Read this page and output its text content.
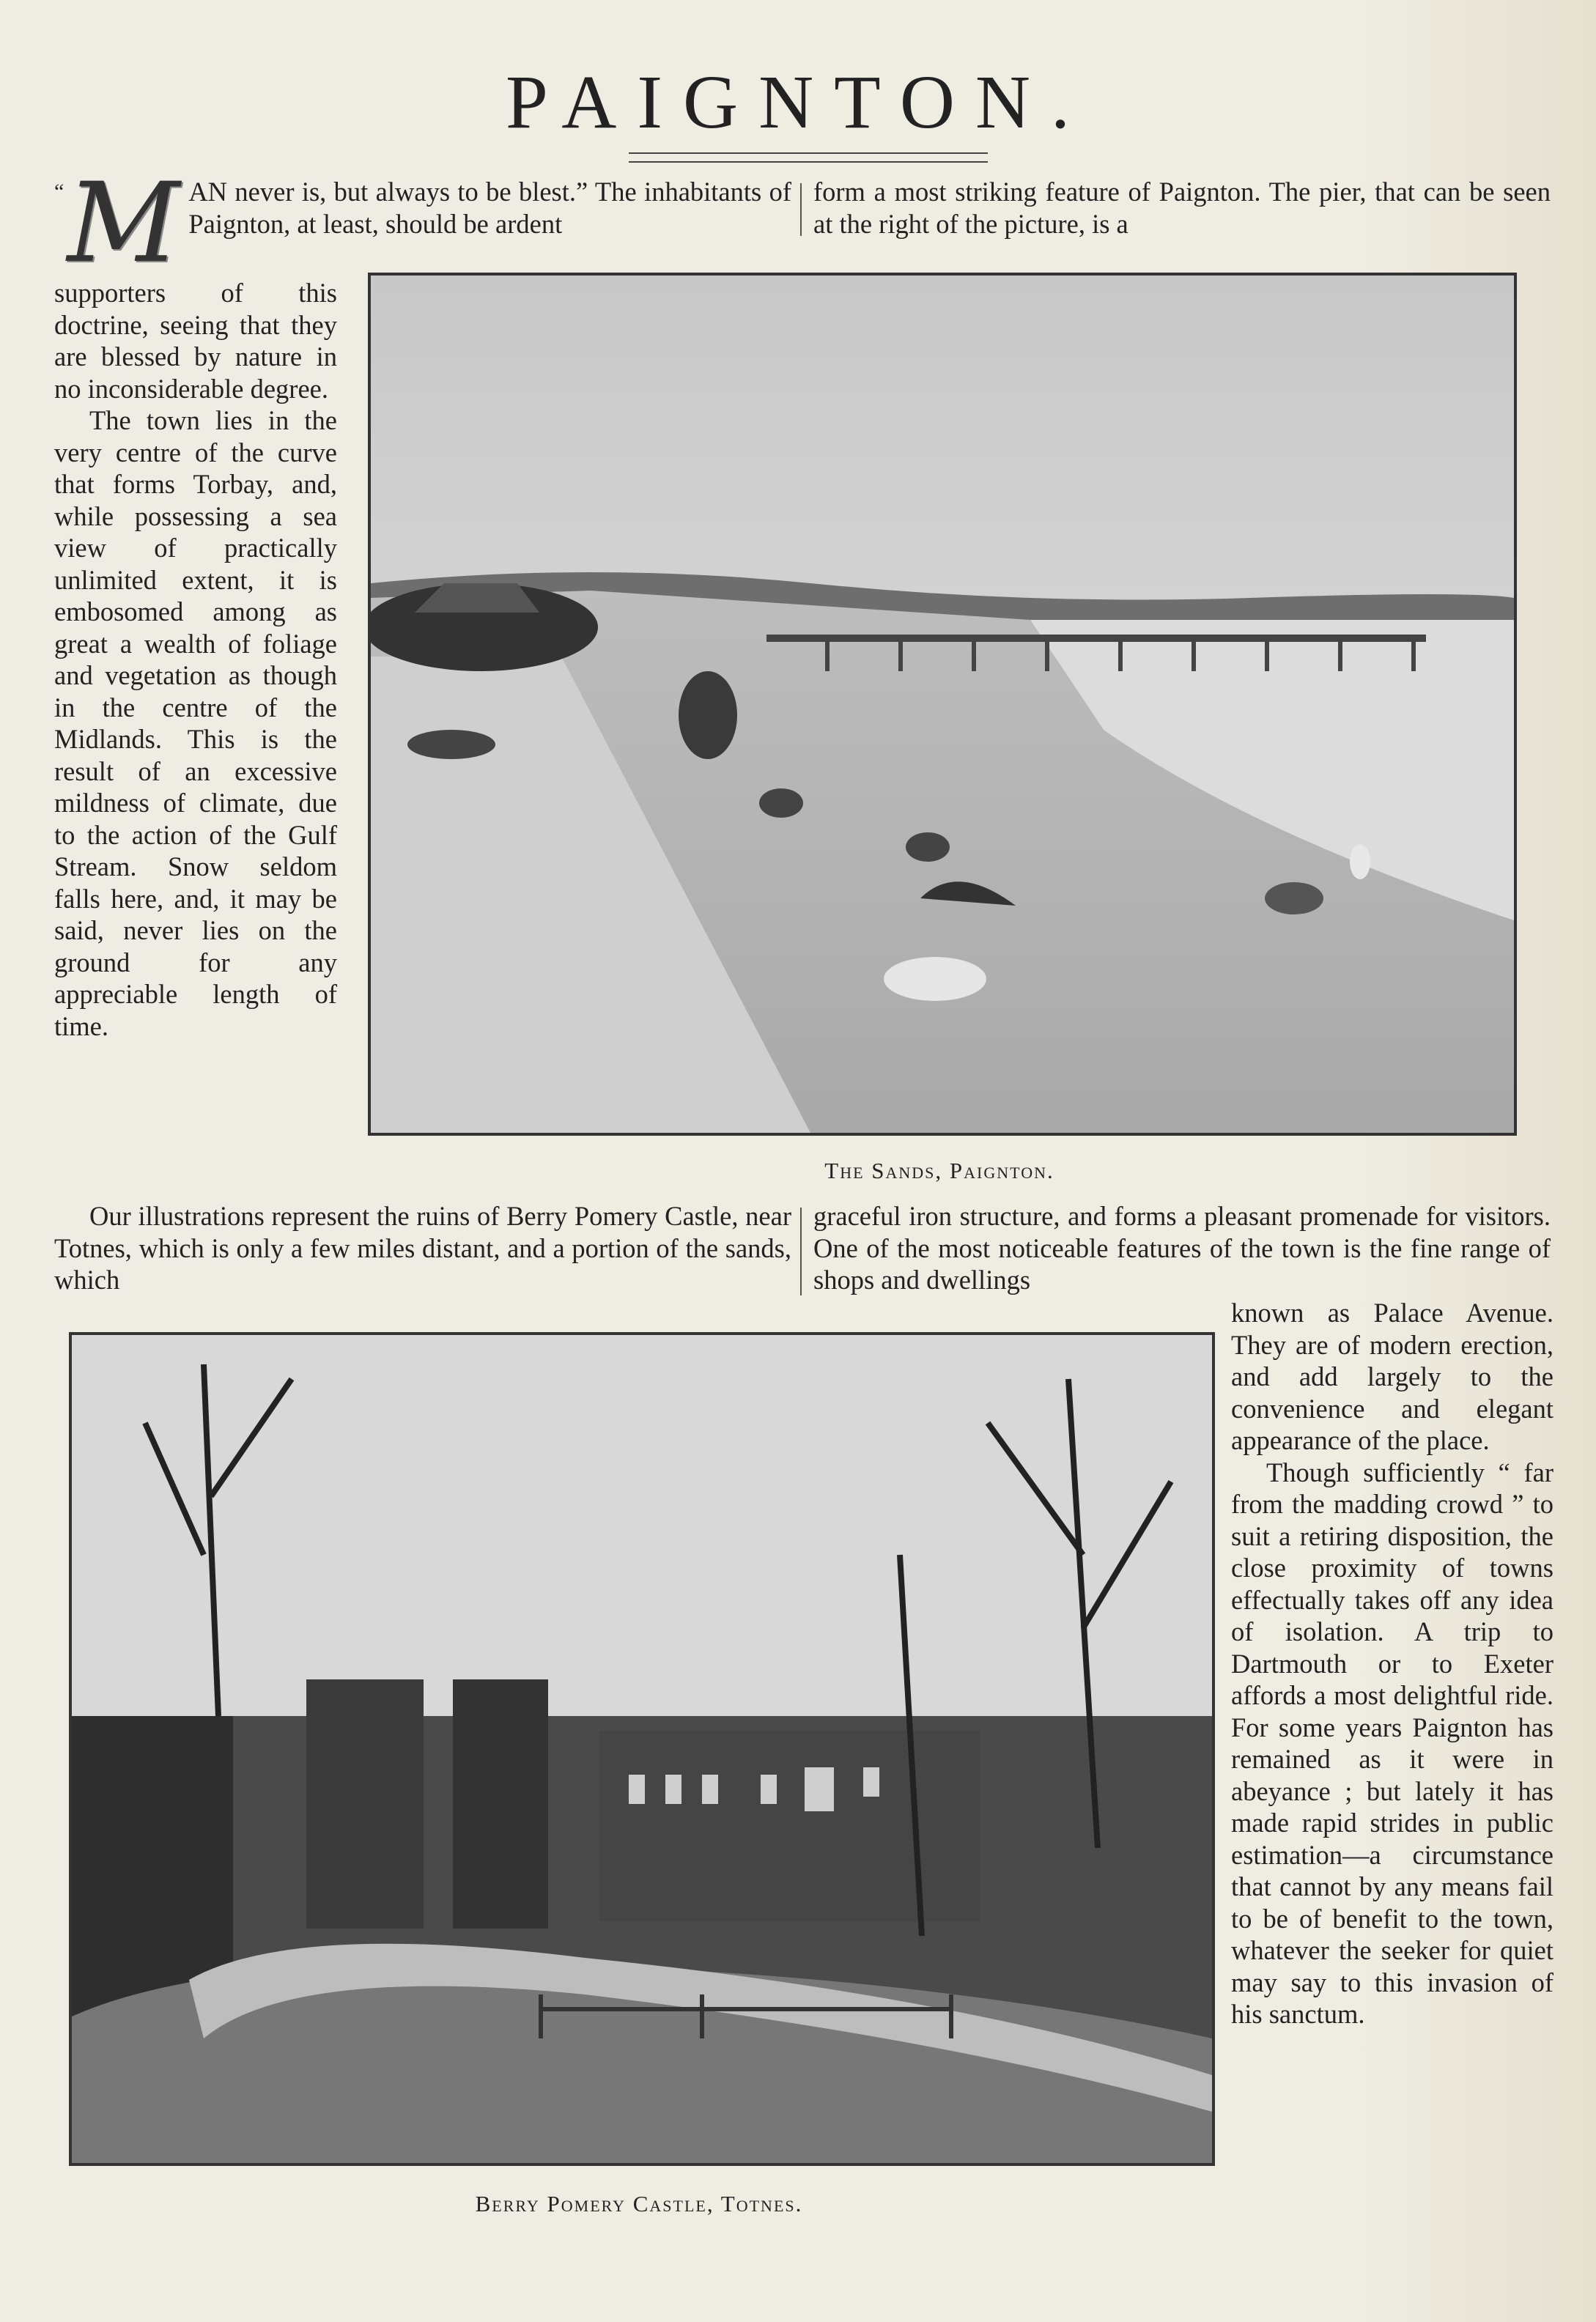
PAIGNTON.
“ M AN never is, but always to be blest.” The inhabitants of Paignton, at least, should be ardent

form a most striking feature of Paignton. The pier, that can be seen at the right of the picture, is a

supporters of this doctrine, seeing that they are blessed by nature in no inconsiderable degree.

The town lies in the very centre of the curve that forms Torbay, and, while possessing a sea view of practically unlimited extent, it is embosomed among as great a wealth of foliage and vegetation as though in the centre of the Midlands. This is the result of an excessive mildness of climate, due to the action of the Gulf Stream. Snow seldom falls here, and, it may be said, never lies on the ground for any appreciable length of time.

The Sands, Paignton.

Our illustrations represent the ruins of Berry Pomery Castle, near Totnes, which is only a few miles distant, and a portion of the sands, which

graceful iron structure, and forms a pleasant promenade for visitors. One of the most noticeable features of the town is the fine range of shops and dwellings

Berry Pomery Castle, Totnes.

known as Palace Avenue. They are of modern erection, and add largely to the convenience and elegant appearance of the place.

Though sufficiently “ far from the madding crowd ” to suit a retiring disposition, the close proximity of towns effectually takes off any idea of isolation. A trip to Dartmouth or to Exeter affords a most delightful ride. For some years Paignton has remained as it were in abeyance ; but lately it has made rapid strides in public estimation—a circumstance that cannot by any means fail to be of benefit to the town, whatever the seeker for quiet may say to this invasion of his sanctum.
